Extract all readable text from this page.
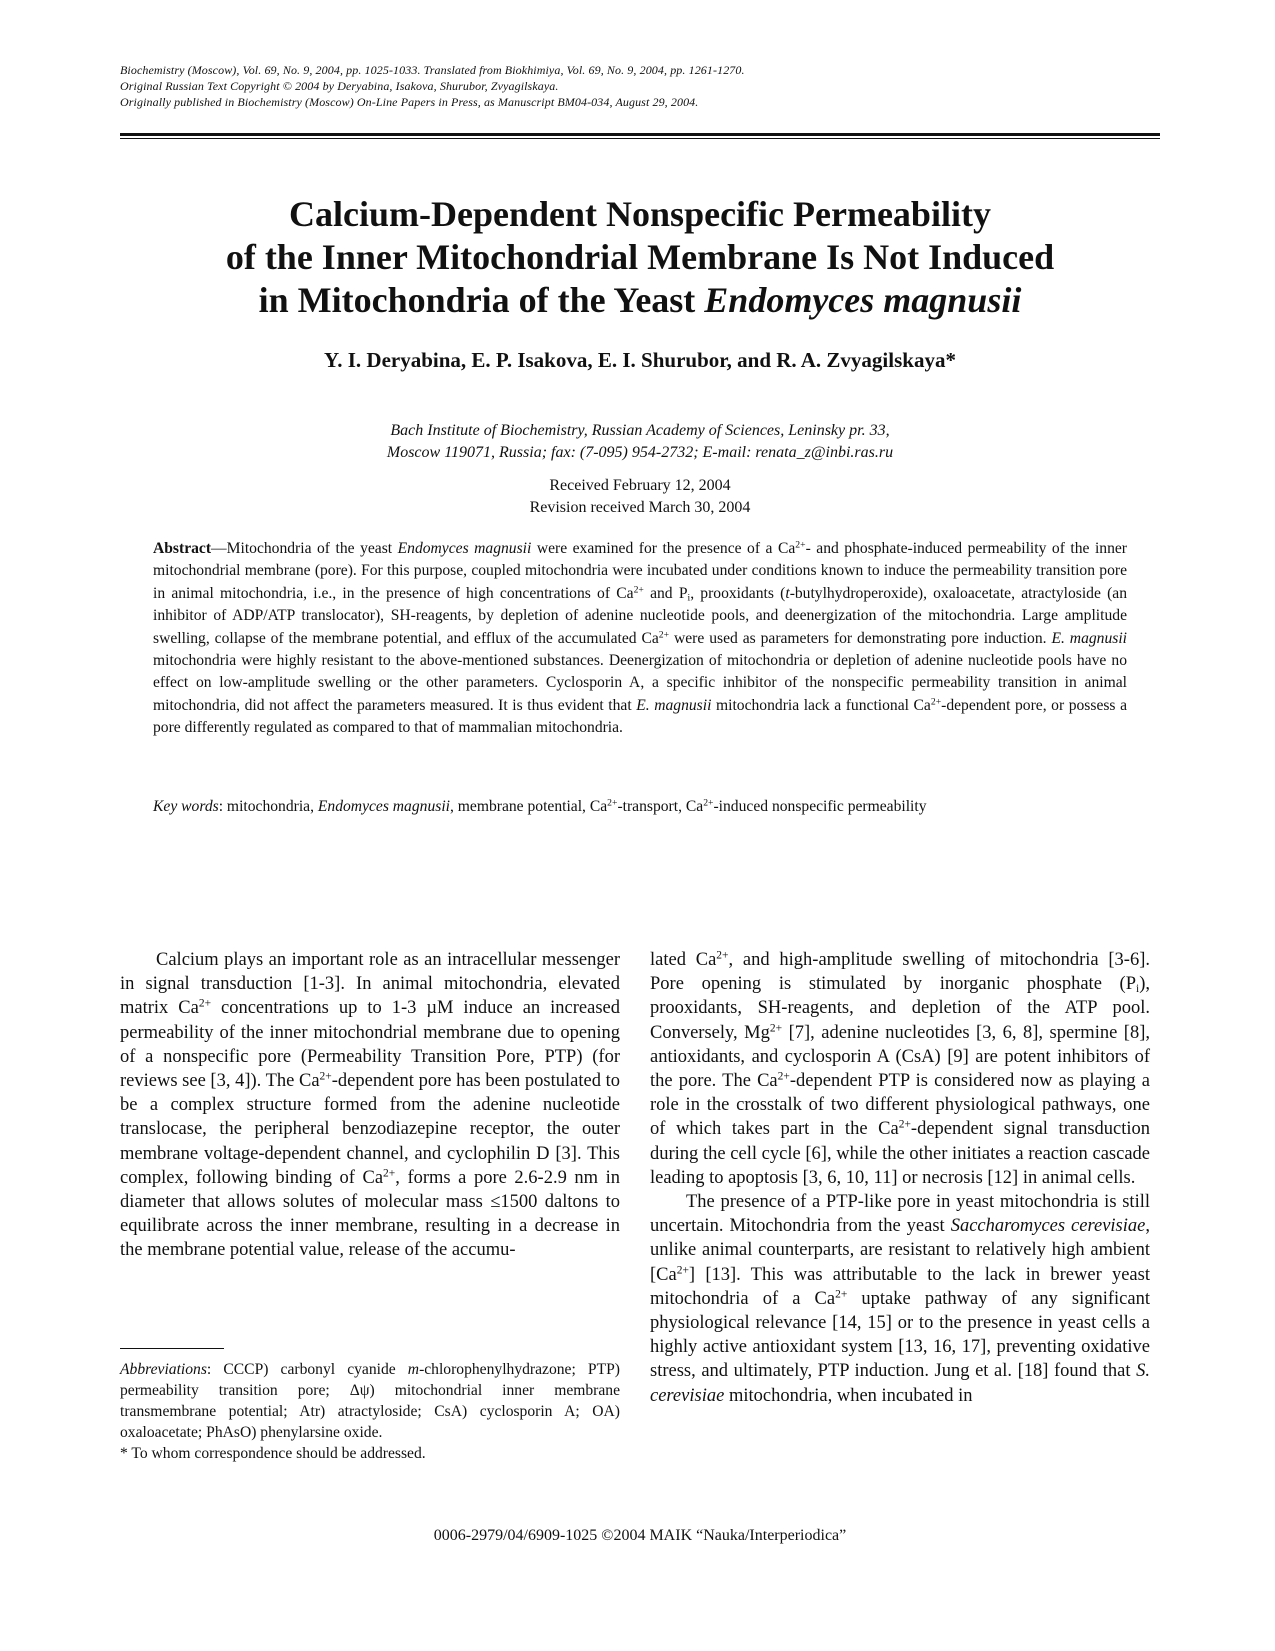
Biochemistry (Moscow), Vol. 69, No. 9, 2004, pp. 1025-1033. Translated from Biokhimiya, Vol. 69, No. 9, 2004, pp. 1261-1270.
Original Russian Text Copyright © 2004 by Deryabina, Isakova, Shurubor, Zvyagilskaya.
Originally published in Biochemistry (Moscow) On-Line Papers in Press, as Manuscript BM04-034, August 29, 2004.
Calcium-Dependent Nonspecific Permeability
of the Inner Mitochondrial Membrane Is Not Induced
in Mitochondria of the Yeast Endomyces magnusii
Y. I. Deryabina, E. P. Isakova, E. I. Shurubor, and R. A. Zvyagilskaya*
Bach Institute of Biochemistry, Russian Academy of Sciences, Leninsky pr. 33,
Moscow 119071, Russia; fax: (7-095) 954-2732; E-mail: renata_z@inbi.ras.ru
Received February 12, 2004
Revision received March 30, 2004
Abstract—Mitochondria of the yeast Endomyces magnusii were examined for the presence of a $Ca^{2+}-$ and phosphate-induced permeability of the inner mitochondrial membrane (pore). For this purpose, coupled mitochondria were incubated under conditions known to induce the permeability transition pore in animal mitochondria, i.e., in the presence of high concentrations of $Ca^{2+}$ and $P_i$, prooxidants (t-butylhydroperoxide), oxaloacetate, atractyloside (an inhibitor of ADP/ATP translocator), SH-reagents, by depletion of adenine nucleotide pools, and deenergization of the mitochondria. Large amplitude swelling, collapse of the membrane potential, and efflux of the accumulated $Ca^{2+}$ were used as parameters for demonstrating pore induction. E. magnusii mitochondria were highly resistant to the above-mentioned substances. Deenergization of mitochondria or depletion of adenine nucleotide pools have no effect on low-amplitude swelling or the other parameters. Cyclosporin A, a specific inhibitor of the nonspecific permeability transition in animal mitochondria, did not affect the parameters measured. It is thus evident that E. magnusii mitochondria lack a functional $Ca^{2+}$-dependent pore, or possess a pore differently regulated as compared to that of mammalian mitochondria.
Key words: mitochondria, Endomyces magnusii, membrane potential, $Ca^{2+}$-transport, $Ca^{2+}$-induced nonspecific permeability

Calcium plays an important role as an intracellular messenger in signal transduction [1-3]. In animal mitochondria, elevated matrix $Ca^{2+}$ concentrations up to 1-3 µM induce an increased permeability of the inner mitochondrial membrane due to opening of a nonspecific pore (Permeability Transition Pore, PTP) (for reviews see [3, 4]). The $Ca^{2+}$-dependent pore has been postulated to be a complex structure formed from the adenine nucleotide translocase, the peripheral benzodiazepine receptor, the outer membrane voltage-dependent channel, and cyclophilin D [3]. This complex, following binding of $Ca^{2+}$, forms a pore 2.6-2.9 nm in diameter that allows solutes of molecular mass ≤1500 daltons to equilibrate across the inner membrane, resulting in a decrease in the membrane potential value, release of the accumu-

Abbreviations: CCCP) carbonyl cyanide m-chlorophenylhydrazone; PTP) permeability transition pore; Δψ) mitochondrial inner membrane transmembrane potential; Atr) atractyloside; CsA) cyclosporin A; OA) oxaloacetate; PhAsO) phenylarsine oxide.

* To whom correspondence should be addressed.

lated $Ca^{2+}$, and high-amplitude swelling of mitochondria [3-6]. Pore opening is stimulated by inorganic phosphate $(P_i)$, prooxidants, SH-reagents, and depletion of the ATP pool. Conversely, $Mg^{2+}$ [7], adenine nucleotides [3, 6, 8], spermine [8], antioxidants, and cyclosporin A (CsA) [9] are potent inhibitors of the pore. The $Ca^{2+}$-dependent PTP is considered now as playing a role in the crosstalk of two different physiological pathways, one of which takes part in the $Ca^{2+}$-dependent signal transduction during the cell cycle [6], while the other initiates a reaction cascade leading to apoptosis [3, 6, 10, 11] or necrosis [12] in animal cells.

The presence of a PTP-like pore in yeast mitochondria is still uncertain. Mitochondria from the yeast Saccharomyces cerevisiae, unlike animal counterparts, are resistant to relatively high ambient $[Ca^{2+}]$ [13]. This was attributable to the lack in brewer yeast mitochondria of a $Ca^{2+}$ uptake pathway of any significant physiological relevance [14, 15] or to the presence in yeast cells a highly active antioxidant system [13, 16, 17], preventing oxidative stress, and ultimately, PTP induction. Jung et al. [18] found that S. cerevisiae mitochondria, when incubated in

0006-2979/04/6909-1025 ©2004 MAIK “Nauka/Interperiodica”
